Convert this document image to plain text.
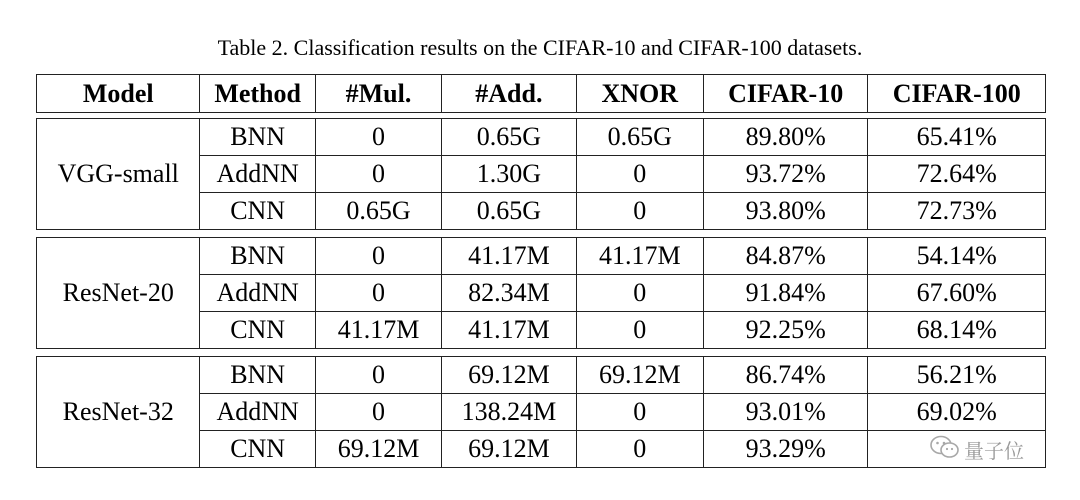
Table 2. Classification results on the CIFAR-10 and CIFAR-100 datasets.
Model	Method	#Mul.	#Add.	XNOR	CIFAR-10	CIFAR-100
VGG-small	BNN	0	0.65G	0.65G	89.80%	65.41%
	AddNN	0	1.30G	0	93.72%	72.64%
	CNN	0.65G	0.65G	0	93.80%	72.73%
ResNet-20	BNN	0	41.17M	41.17M	84.87%	54.14%
	AddNN	0	82.34M	0	91.84%	67.60%
	CNN	41.17M	41.17M	0	92.25%	68.14%
ResNet-32	BNN	0	69.12M	69.12M	86.74%	56.21%
	AddNN	0	138.24M	0	93.01%	69.02%
	CNN	69.12M	69.12M	0	93.29%		量子位
